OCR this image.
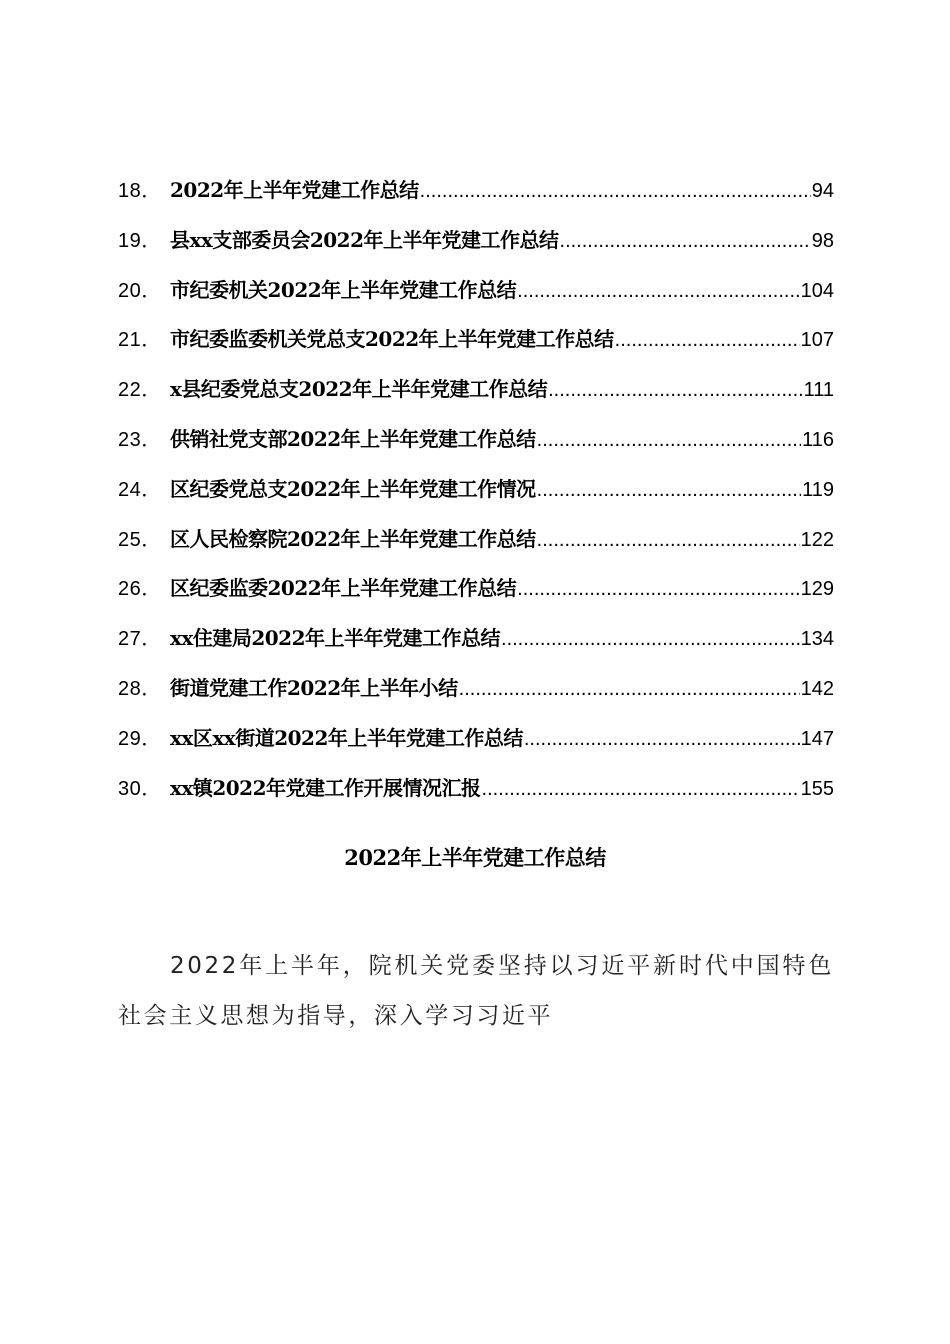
18． 2022年上半年党建工作总结 .....	94
19． 县xx支部委员会2022年上半年党建工作总结 .....	98
20． 市纪委机关2022年上半年党建工作总结 .....	104
21． 市纪委监委机关党总支2022年上半年党建工作总结 .....	107
22． x县纪委党总支2022年上半年党建工作总结 .....	111
23． 供销社党支部2022年上半年党建工作总结 .....	116
24． 区纪委党总支2022年上半年党建工作情况 .....	119
25． 区人民检察院2022年上半年党建工作总结 .....	122
26． 区纪委监委2022年上半年党建工作总结 .....	129
27． xx住建局2022年上半年党建工作总结 .....	134
28． 街道党建工作2022年上半年小结 .....	142
29． xx区xx街道2022年上半年党建工作总结 .....	147
30． xx镇2022年党建工作开展情况汇报 .....	155
2022年上半年党建工作总结

2022年上半年，院机关党委坚持以习近平新时代中国特色社会主义思想为指导，深入学习习近平
